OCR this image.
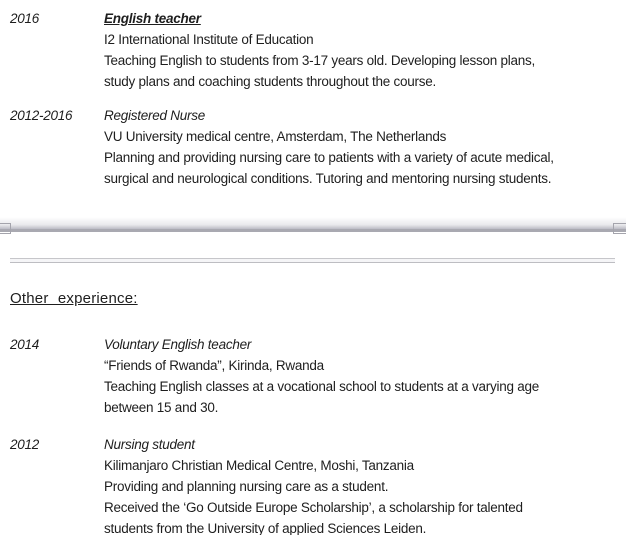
2016	English teacher
I2 International Institute of Education
Teaching English to students from 3-17 years old. Developing lesson plans,
study plans and coaching students throughout the course.
2012-2016	Registered Nurse
VU University medical centre, Amsterdam, The Netherlands
Planning and providing nursing care to patients with a variety of acute medical,
surgical and neurological conditions. Tutoring and mentoring nursing students.
Other experience:
2014	Voluntary English teacher
“Friends of Rwanda”, Kirinda, Rwanda
Teaching English classes at a vocational school to students at a varying age
between 15 and 30.
2012	Nursing student
Kilimanjaro Christian Medical Centre, Moshi, Tanzania
Providing and planning nursing care as a student.
Received the ‘Go Outside Europe Scholarship’, a scholarship for talented
students from the University of applied Sciences Leiden.
